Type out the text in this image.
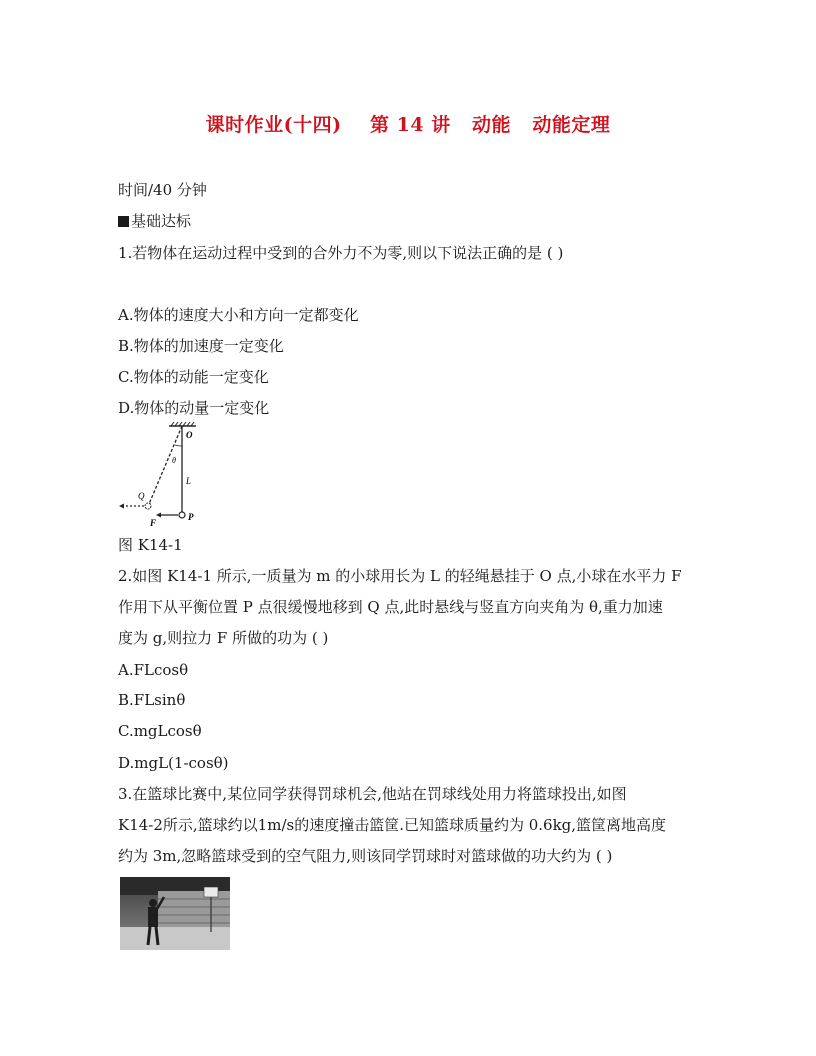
课时作业(十四)    第 14 讲   动能   动能定理
时间/40 分钟
基础达标
1.若物体在运动过程中受到的合外力不为零,则以下说法正确的是 ( )
A.物体的速度大小和方向一定都变化
B.物体的加速度一定变化
C.物体的动能一定变化
D.物体的动量一定变化
O
θ
L
Q
F
P
图 K14-1
2.如图 K14-1 所示,一质量为 m 的小球用长为 L 的轻绳悬挂于 O 点,小球在水平力 F
作用下从平衡位置 P 点很缓慢地移到 Q 点,此时悬线与竖直方向夹角为 θ,重力加速
度为 g,则拉力 F 所做的功为 ( )
A.FLcosθ
B.FLsinθ
C.mgLcosθ
D.mgL(1-cosθ)
3.在篮球比赛中,某位同学获得罚球机会,他站在罚球线处用力将篮球投出,如图
K14-2所示,篮球约以1m/s的速度撞击篮筐.已知篮球质量约为 0.6kg,篮筐离地高度
约为 3m,忽略篮球受到的空气阻力,则该同学罚球时对篮球做的功大约为 ( )
